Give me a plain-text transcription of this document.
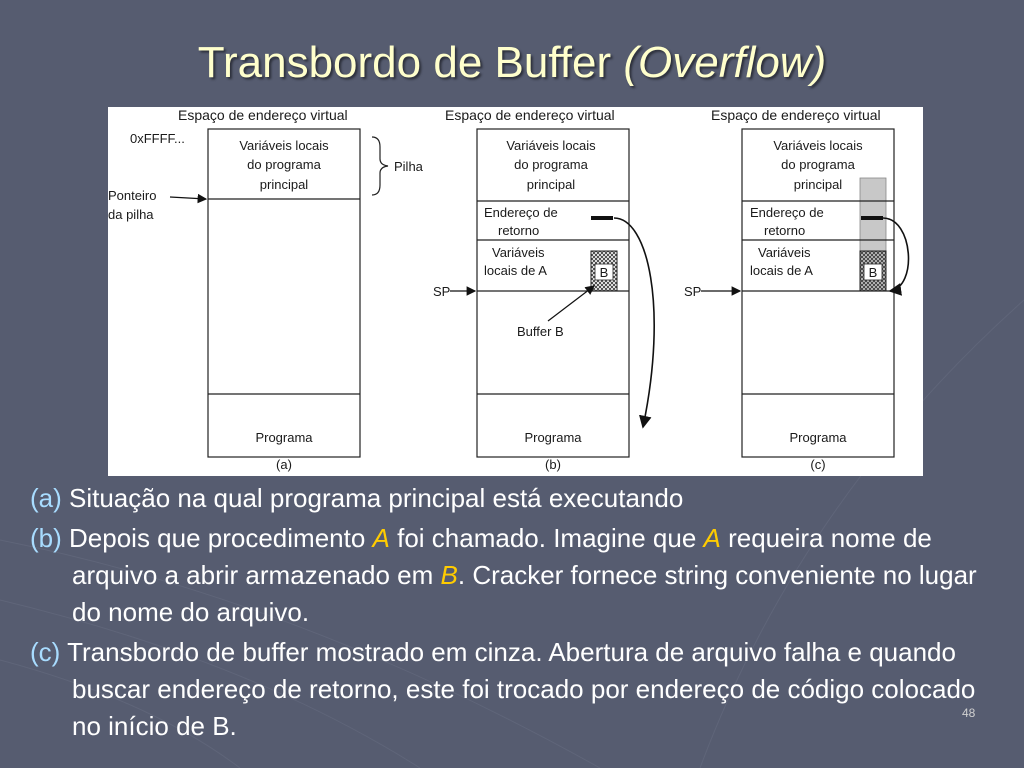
Transbordo de Buffer (Overflow)
Espaço de endereço virtual
Variáveis locais
do programa
principal
Programa
(a)
0xFFFF...
Ponteiro
da pilha
Pilha
Espaço de endereço virtual
Variáveis locais
do programa
principal
Endereço de
retorno
Variáveis
locais de A	B
SP
Buffer B
Programa
(b)
Espaço de endereço virtual
Variáveis locais
do programa
principal
Endereço de
retorno
Variáveis
locais de A	B
SP
Programa
(c)

(a) Situação na qual programa principal está executando

(b) Depois que procedimento A foi chamado. Imagine que A requeira nome de arquivo a abrir armazenado em B. Cracker fornece string conveniente no lugar do nome do arquivo.

(c) Transbordo de buffer mostrado em cinza. Abertura de arquivo falha e quando buscar endereço de retorno, este foi trocado por endereço de código colocado no início de B.	48
